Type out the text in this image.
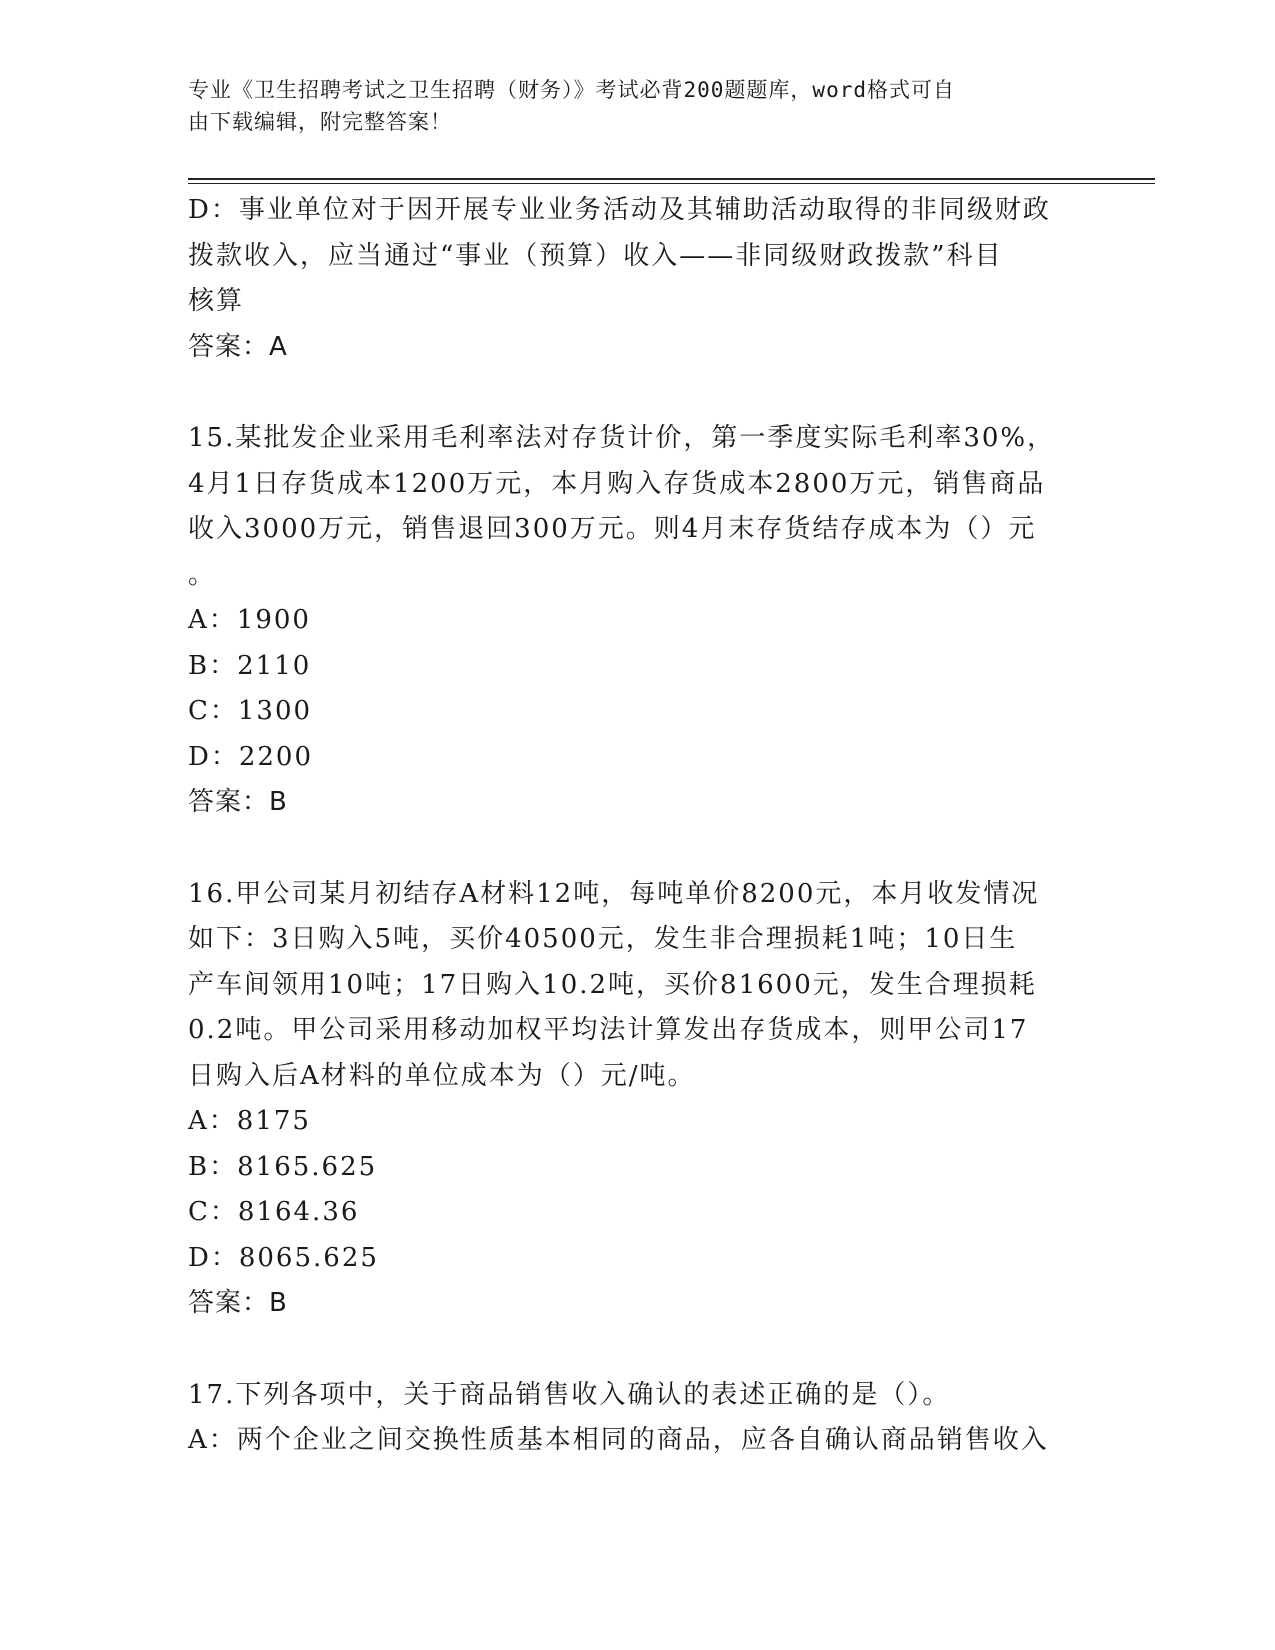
专业《卫生招聘考试之卫生招聘（财务）》考试必背200题题库，word格式可自
由下载编辑，附完整答案！
D：事业单位对于因开展专业业务活动及其辅助活动取得的非同级财政
拨款收入，应当通过“事业（预算）收入——非同级财政拨款”科目
核算
答案：A
15.某批发企业采用毛利率法对存货计价，第一季度实际毛利率30%，
4月1日存货成本1200万元，本月购入存货成本2800万元，销售商品
收入3000万元，销售退回300万元。则4月末存货结存成本为（）元
。
A：1900
B：2110
C：1300
D：2200
答案：B
16.甲公司某月初结存A材料12吨，每吨单价8200元，本月收发情况
如下：3日购入5吨，买价40500元，发生非合理损耗1吨；10日生
产车间领用10吨；17日购入10.2吨，买价81600元，发生合理损耗
0.2吨。甲公司采用移动加权平均法计算发出存货成本，则甲公司17
日购入后A材料的单位成本为（）元/吨。
A：8175
B：8165.625
C：8164.36
D：8065.625
答案：B
17.下列各项中，关于商品销售收入确认的表述正确的是（）。
A：两个企业之间交换性质基本相同的商品，应各自确认商品销售收入
